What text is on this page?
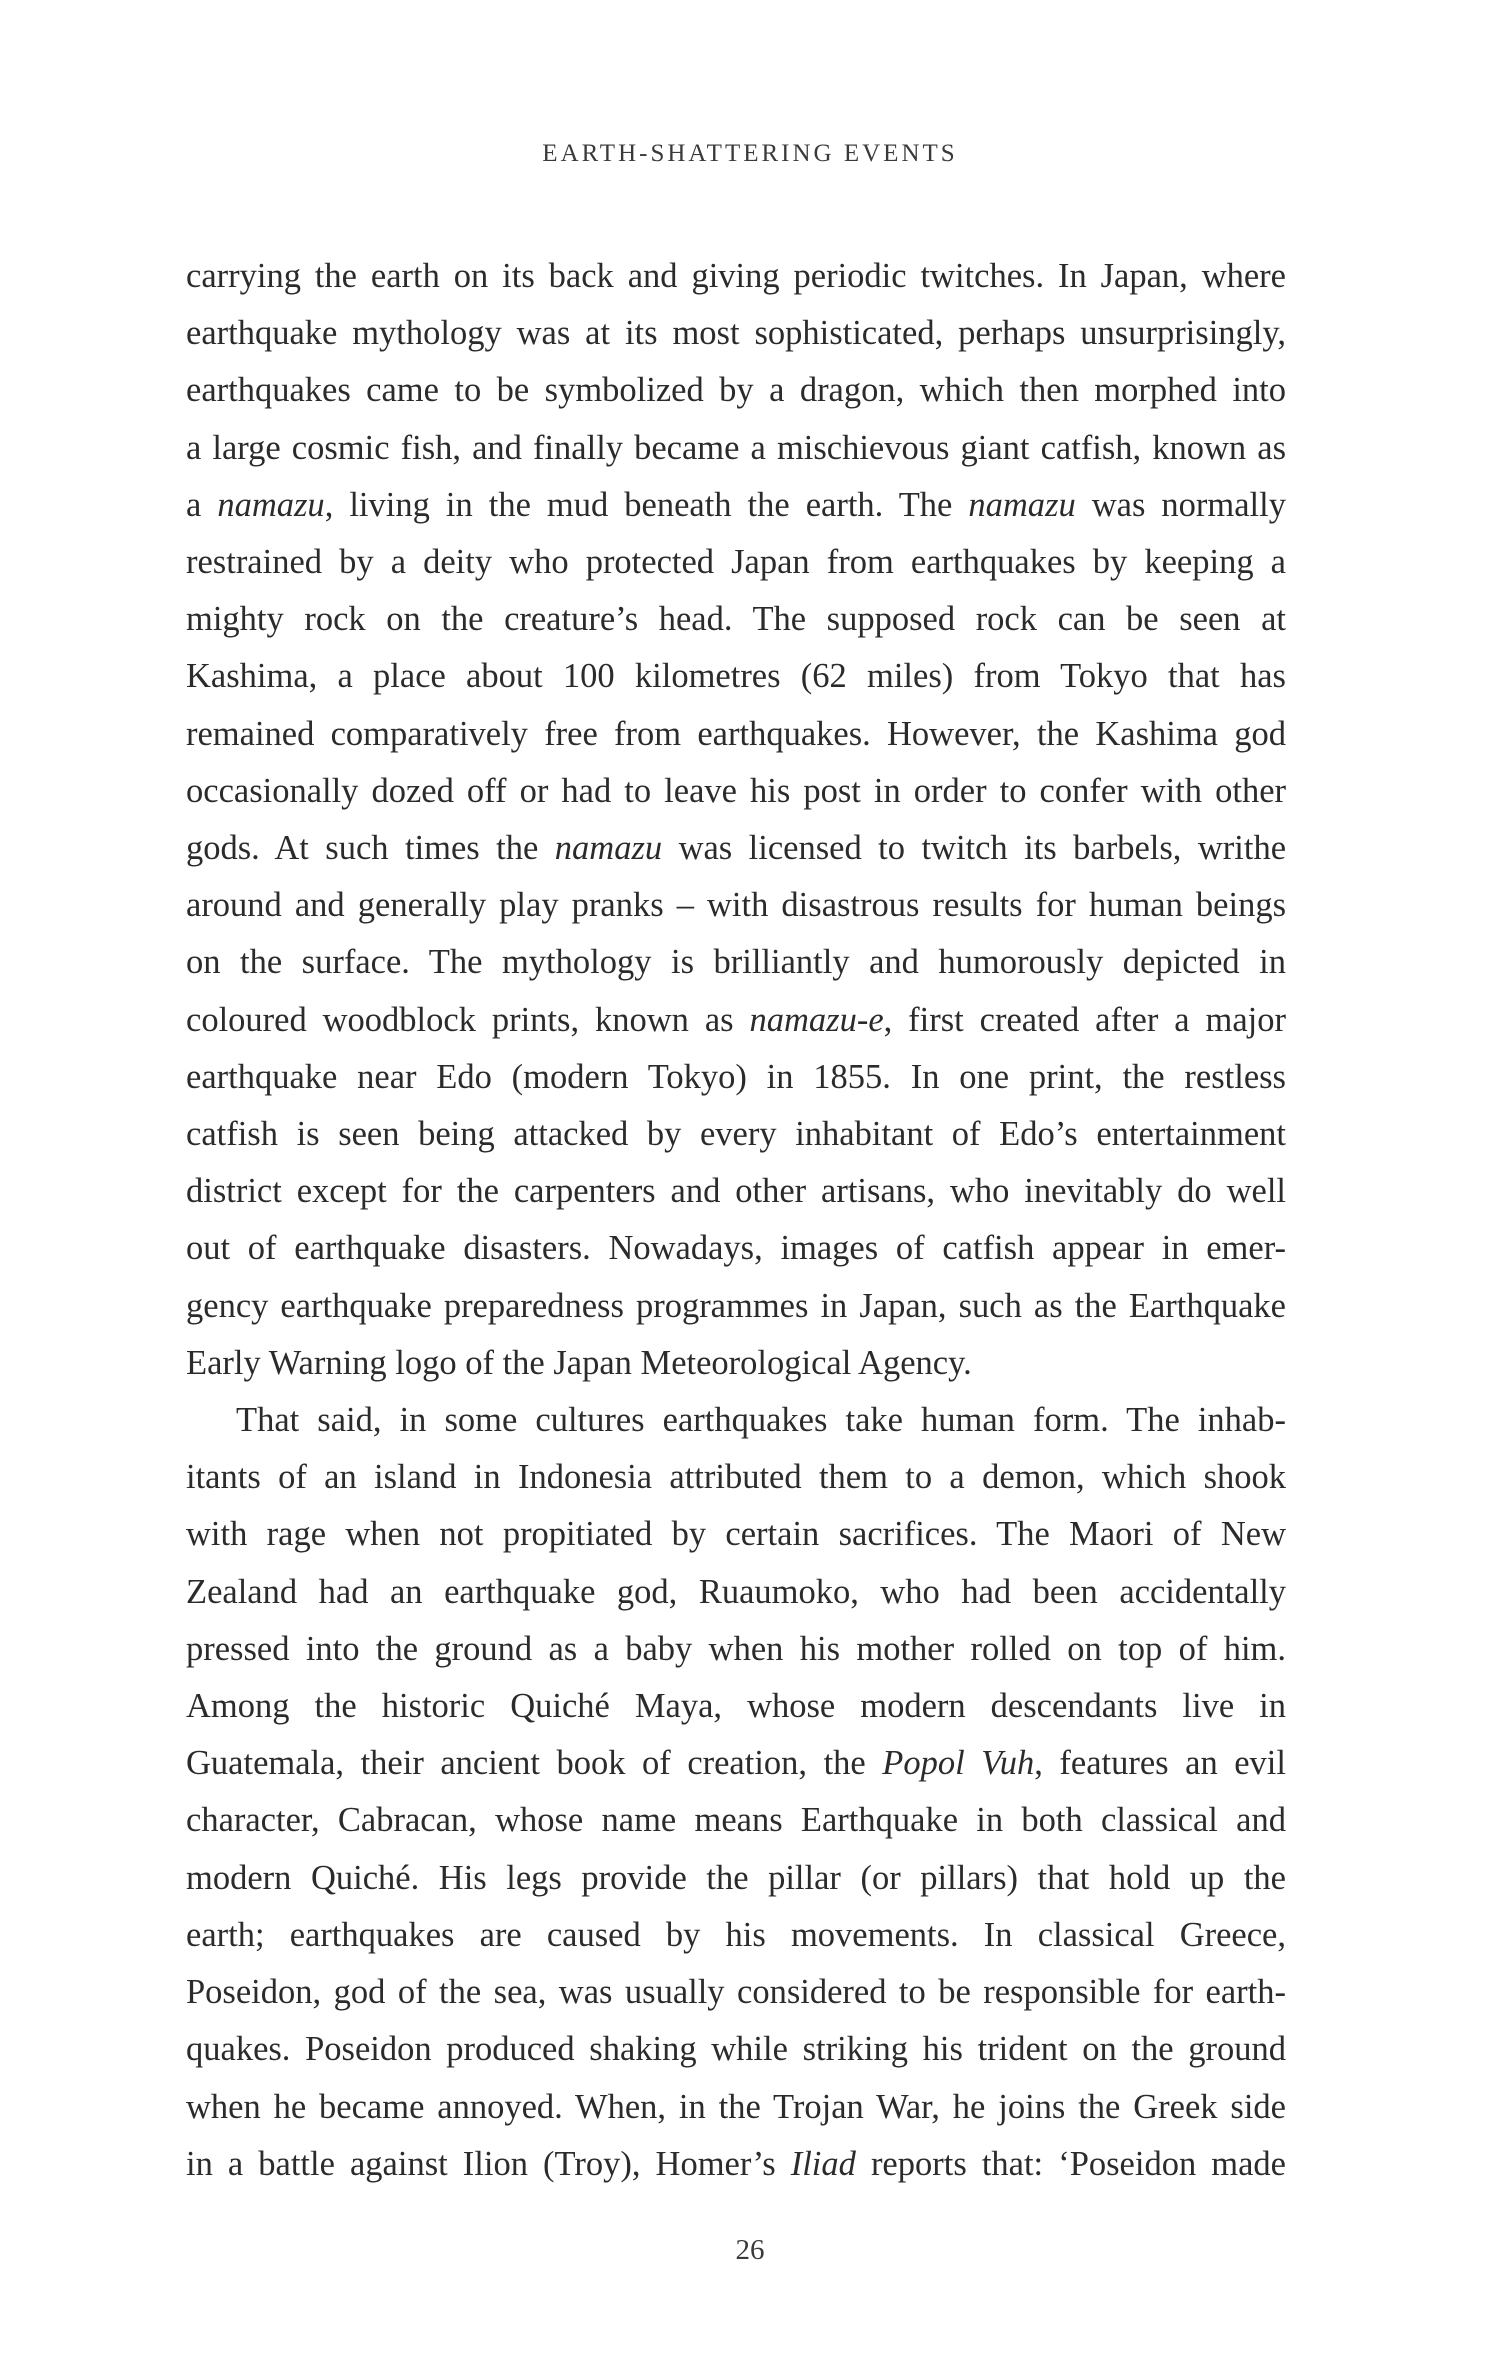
EARTH-SHATTERING EVENTS
carrying the earth on its back and giving periodic twitches. In Japan, where
earthquake mythology was at its most sophisticated, perhaps unsurprisingly,
earthquakes came to be symbolized by a dragon, which then morphed into
a large cosmic fish, and finally became a mischievous giant catfish, known as
a namazu, living in the mud beneath the earth. The namazu was normally
restrained by a deity who protected Japan from earthquakes by keeping a
mighty rock on the creature’s head. The supposed rock can be seen at
Kashima, a place about 100 kilometres (62 miles) from Tokyo that has
remained comparatively free from earthquakes. However, the Kashima god
occasionally dozed off or had to leave his post in order to confer with other
gods. At such times the namazu was licensed to twitch its barbels, writhe
around and generally play pranks – with disastrous results for human beings
on the surface. The mythology is brilliantly and humorously depicted in
coloured woodblock prints, known as namazu-e, first created after a major
earthquake near Edo (modern Tokyo) in 1855. In one print, the restless
catfish is seen being attacked by every inhabitant of Edo’s entertainment
district except for the carpenters and other artisans, who inevitably do well
out of earthquake disasters. Nowadays, images of catfish appear in emer-
gency earthquake preparedness programmes in Japan, such as the Earthquake
Early Warning logo of the Japan Meteorological Agency.
That said, in some cultures earthquakes take human form. The inhab-
itants of an island in Indonesia attributed them to a demon, which shook
with rage when not propitiated by certain sacrifices. The Maori of New
Zealand had an earthquake god, Ruaumoko, who had been accidentally
pressed into the ground as a baby when his mother rolled on top of him.
Among the historic Quiché Maya, whose modern descendants live in
Guatemala, their ancient book of creation, the Popol Vuh, features an evil
character, Cabracan, whose name means Earthquake in both classical and
modern Quiché. His legs provide the pillar (or pillars) that hold up the
earth; earthquakes are caused by his movements. In classical Greece,
Poseidon, god of the sea, was usually considered to be responsible for earth-
quakes. Poseidon produced shaking while striking his trident on the ground
when he became annoyed. When, in the Trojan War, he joins the Greek side
in a battle against Ilion (Troy), Homer’s Iliad reports that: ‘Poseidon made
26
